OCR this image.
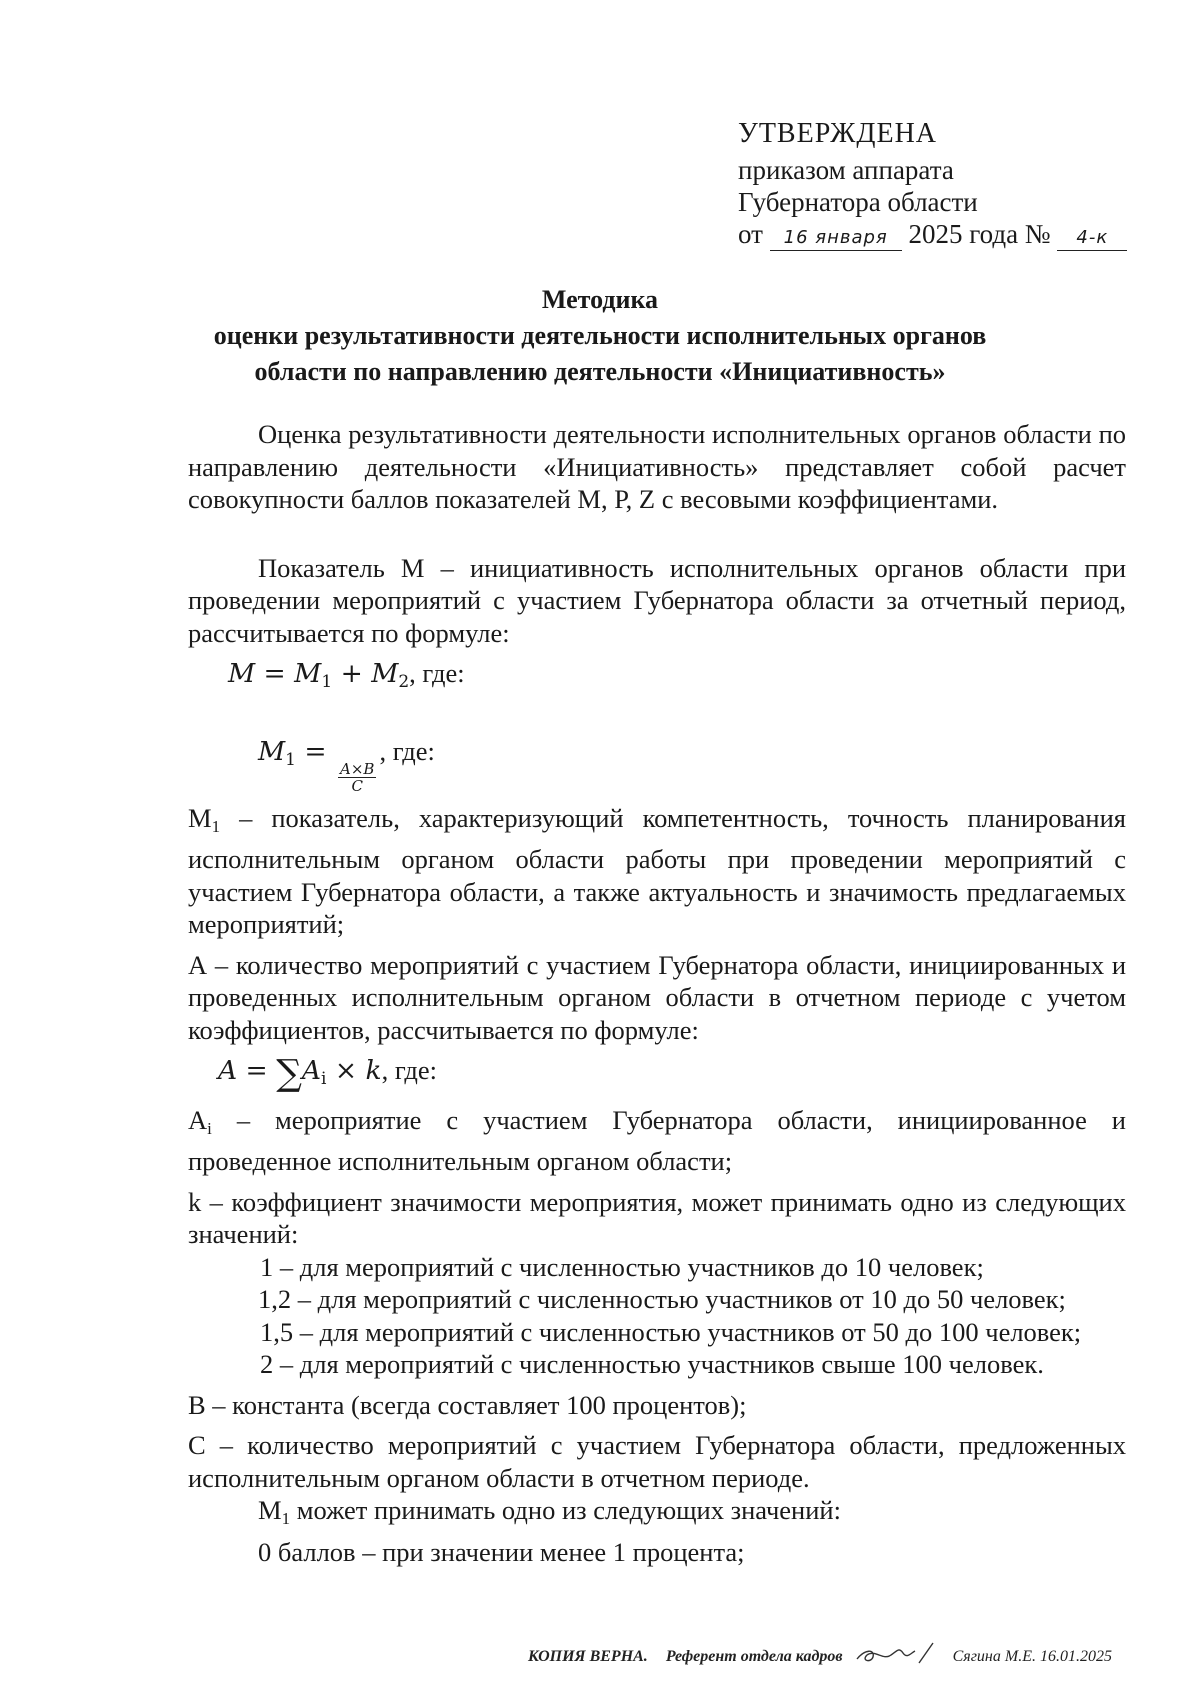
УТВЕРЖДЕНА
приказом аппарата
Губернатора области
от 16 января 2025 года № 4-к
Методика
оценки результативности деятельности исполнительных органов
области по направлению деятельности «Инициативность»

Оценка результативности деятельности исполнительных органов области по направлению деятельности «Инициативность» представляет собой расчет совокупности баллов показателей М, Р, Z с весовыми коэффициентами.

Показатель М – инициативность исполнительных органов области при проведении мероприятий с участием Губернатора области за отчетный период, рассчитывается по формуле:

$M = M_1 + M_2$, где:

$M_1$ =
$\frac{A\times B}{C}$
, где:

$М_1$ – показатель, характеризующий компетентность, точность планирования исполнительным органом области работы при проведении мероприятий с участием Губернатора области, а также актуальность и значимость предлагаемых мероприятий;

А – количество мероприятий с участием Губернатора области, инициированных и проведенных исполнительным органом области в отчетном периоде с учетом коэффициентов, рассчитывается по формуле:

$A = \sum A_i \times k$, где:

$А_i$ – мероприятие с участием Губернатора области, инициированное и проведенное исполнительным органом области;

k – коэффициент значимости мероприятия, может принимать одно из следующих значений:

1 – для мероприятий с численностью участников до 10 человек;

1,2 – для мероприятий с численностью участников от 10 до 50 человек;

1,5 – для мероприятий с численностью участников от 50 до 100 человек;

2 – для мероприятий с численностью участников свыше 100 человек.

В – константа (всегда составляет 100 процентов);

С – количество мероприятий с участием Губернатора области, предложенных исполнительным органом области в отчетном периоде.

$М_1$ может принимать одно из следующих значений:

0 баллов – при значении менее 1 процента;

КОПИЯ ВЕРНА. Референт отдела кадров	Сягина М.Е. 16.01.2025
